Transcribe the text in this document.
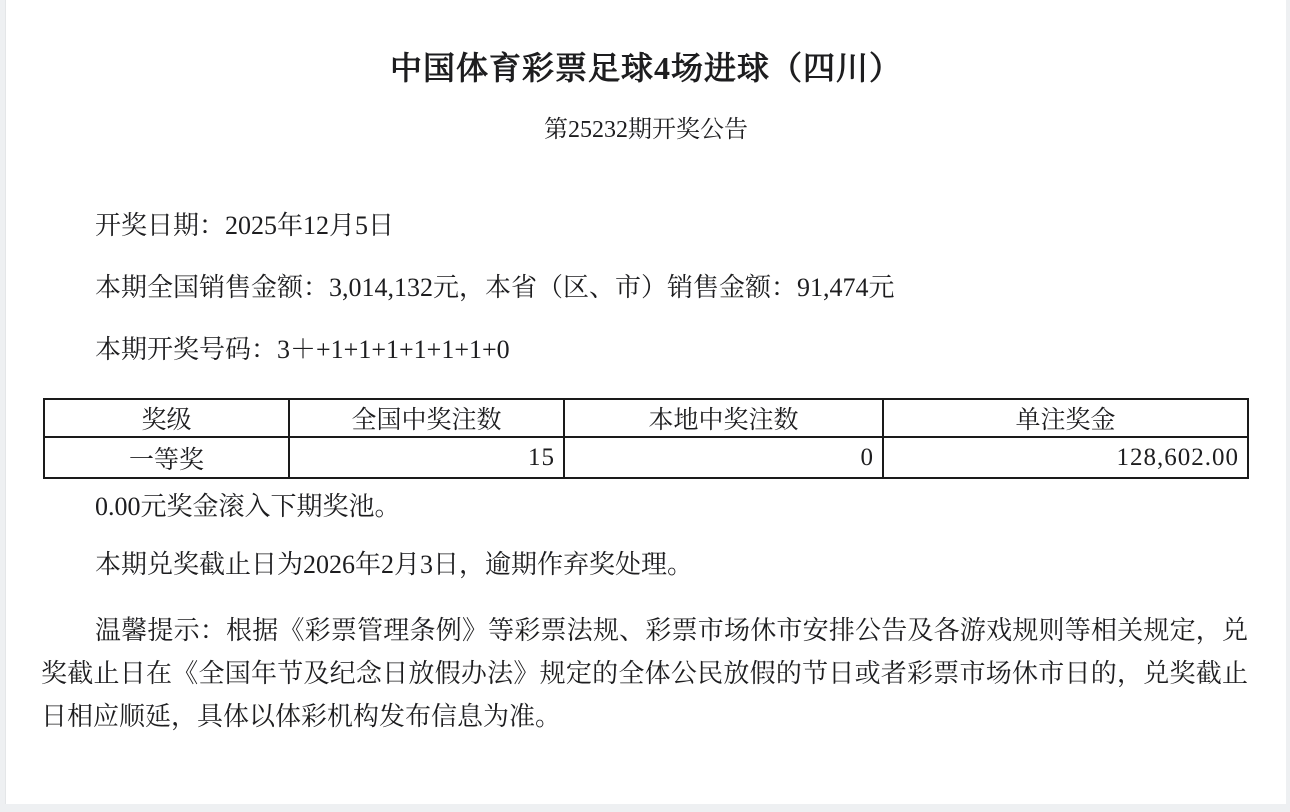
中国体育彩票足球4场进球（四川）
第25232期开奖公告
开奖日期：2025年12月5日
本期全国销售金额：3,014,132元，本省（区、市）销售金额：91,474元
本期开奖号码：3＋+1+1+1+1+1+1+0
奖级	全国中奖注数	本地中奖注数	单注奖金
一等奖	15	0	128,602.00
0.00元奖金滚入下期奖池。
本期兑奖截止日为2026年2月3日，逾期作弃奖处理。
温馨提示：根据《彩票管理条例》等彩票法规、彩票市场休市安排公告及各游戏规则等相关规定，兑奖截止日在《全国年节及纪念日放假办法》规定的全体公民放假的节日或者彩票市场休市日的，兑奖截止日相应顺延，具体以体彩机构发布信息为准。
